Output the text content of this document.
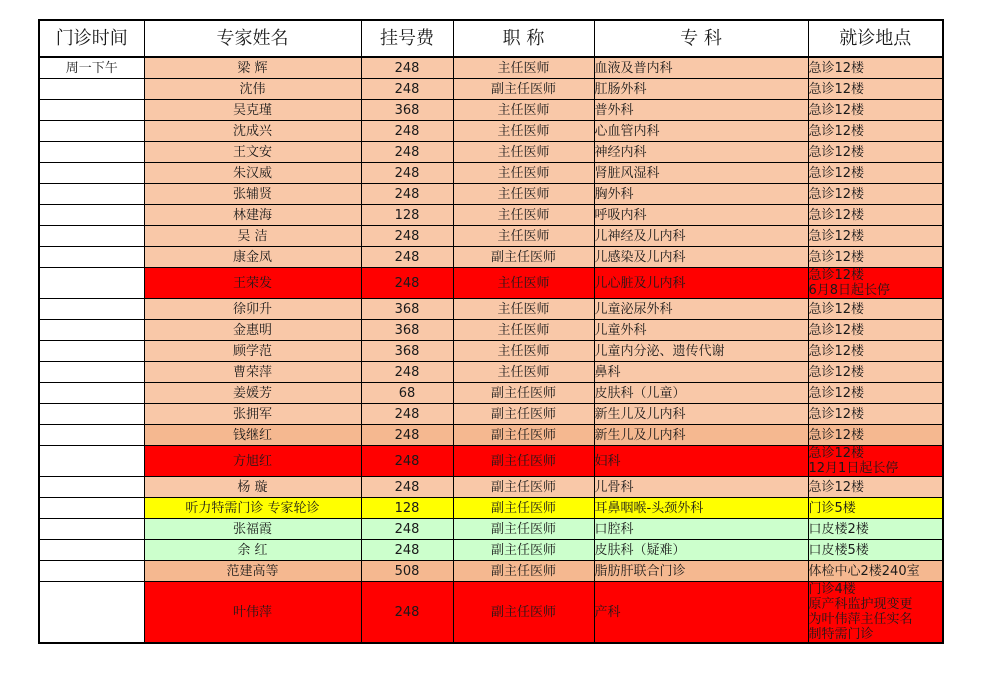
门诊时间	专家姓名	挂号费	职 称	专 科	就诊地点
周一下午	梁 辉	248	主任医师	血液及普内科	急诊12楼

	沈伟	248	副主任医师	肛肠外科	急诊12楼

	吴克瑾	368	主任医师	普外科	急诊12楼

	沈成兴	248	主任医师	心血管内科	急诊12楼

	王文安	248	主任医师	神经内科	急诊12楼

	朱汉威	248	主任医师	肾脏风湿科	急诊12楼

	张辅贤	248	主任医师	胸外科	急诊12楼

	林建海	128	主任医师	呼吸内科	急诊12楼

	吴 洁	248	主任医师	儿神经及儿内科	急诊12楼

	康金凤	248	副主任医师	儿感染及儿内科	急诊12楼

	王荣发	248	主任医师	儿心脏及儿内科	急诊12楼
6月8日起长停

	徐卯升	368	主任医师	儿童泌尿外科	急诊12楼

	金惠明	368	主任医师	儿童外科	急诊12楼

	顾学范	368	主任医师	儿童内分泌、遗传代谢	急诊12楼

	曹荣萍	248	主任医师	鼻科	急诊12楼

	姜媛芳	68	副主任医师	皮肤科（儿童）	急诊12楼

	张拥军	248	副主任医师	新生儿及儿内科	急诊12楼

	钱继红	248	副主任医师	新生儿及儿内科	急诊12楼

	方旭红	248	副主任医师	妇科	急诊12楼
12月1日起长停

	杨 璇	248	副主任医师	儿骨科	急诊12楼

	听力特需门诊 专家轮诊	128	副主任医师	耳鼻咽喉-头颈外科	门诊5楼

	张福霞	248	副主任医师	口腔科	口皮楼2楼

	余 红	248	副主任医师	皮肤科（疑难）	口皮楼5楼

	范建高等	508	副主任医师	脂肪肝联合门诊	体检中心2楼240室

	叶伟萍	248	副主任医师	产科	门诊4楼
原产科监护现变更
为叶伟萍主任实名
制特需门诊
